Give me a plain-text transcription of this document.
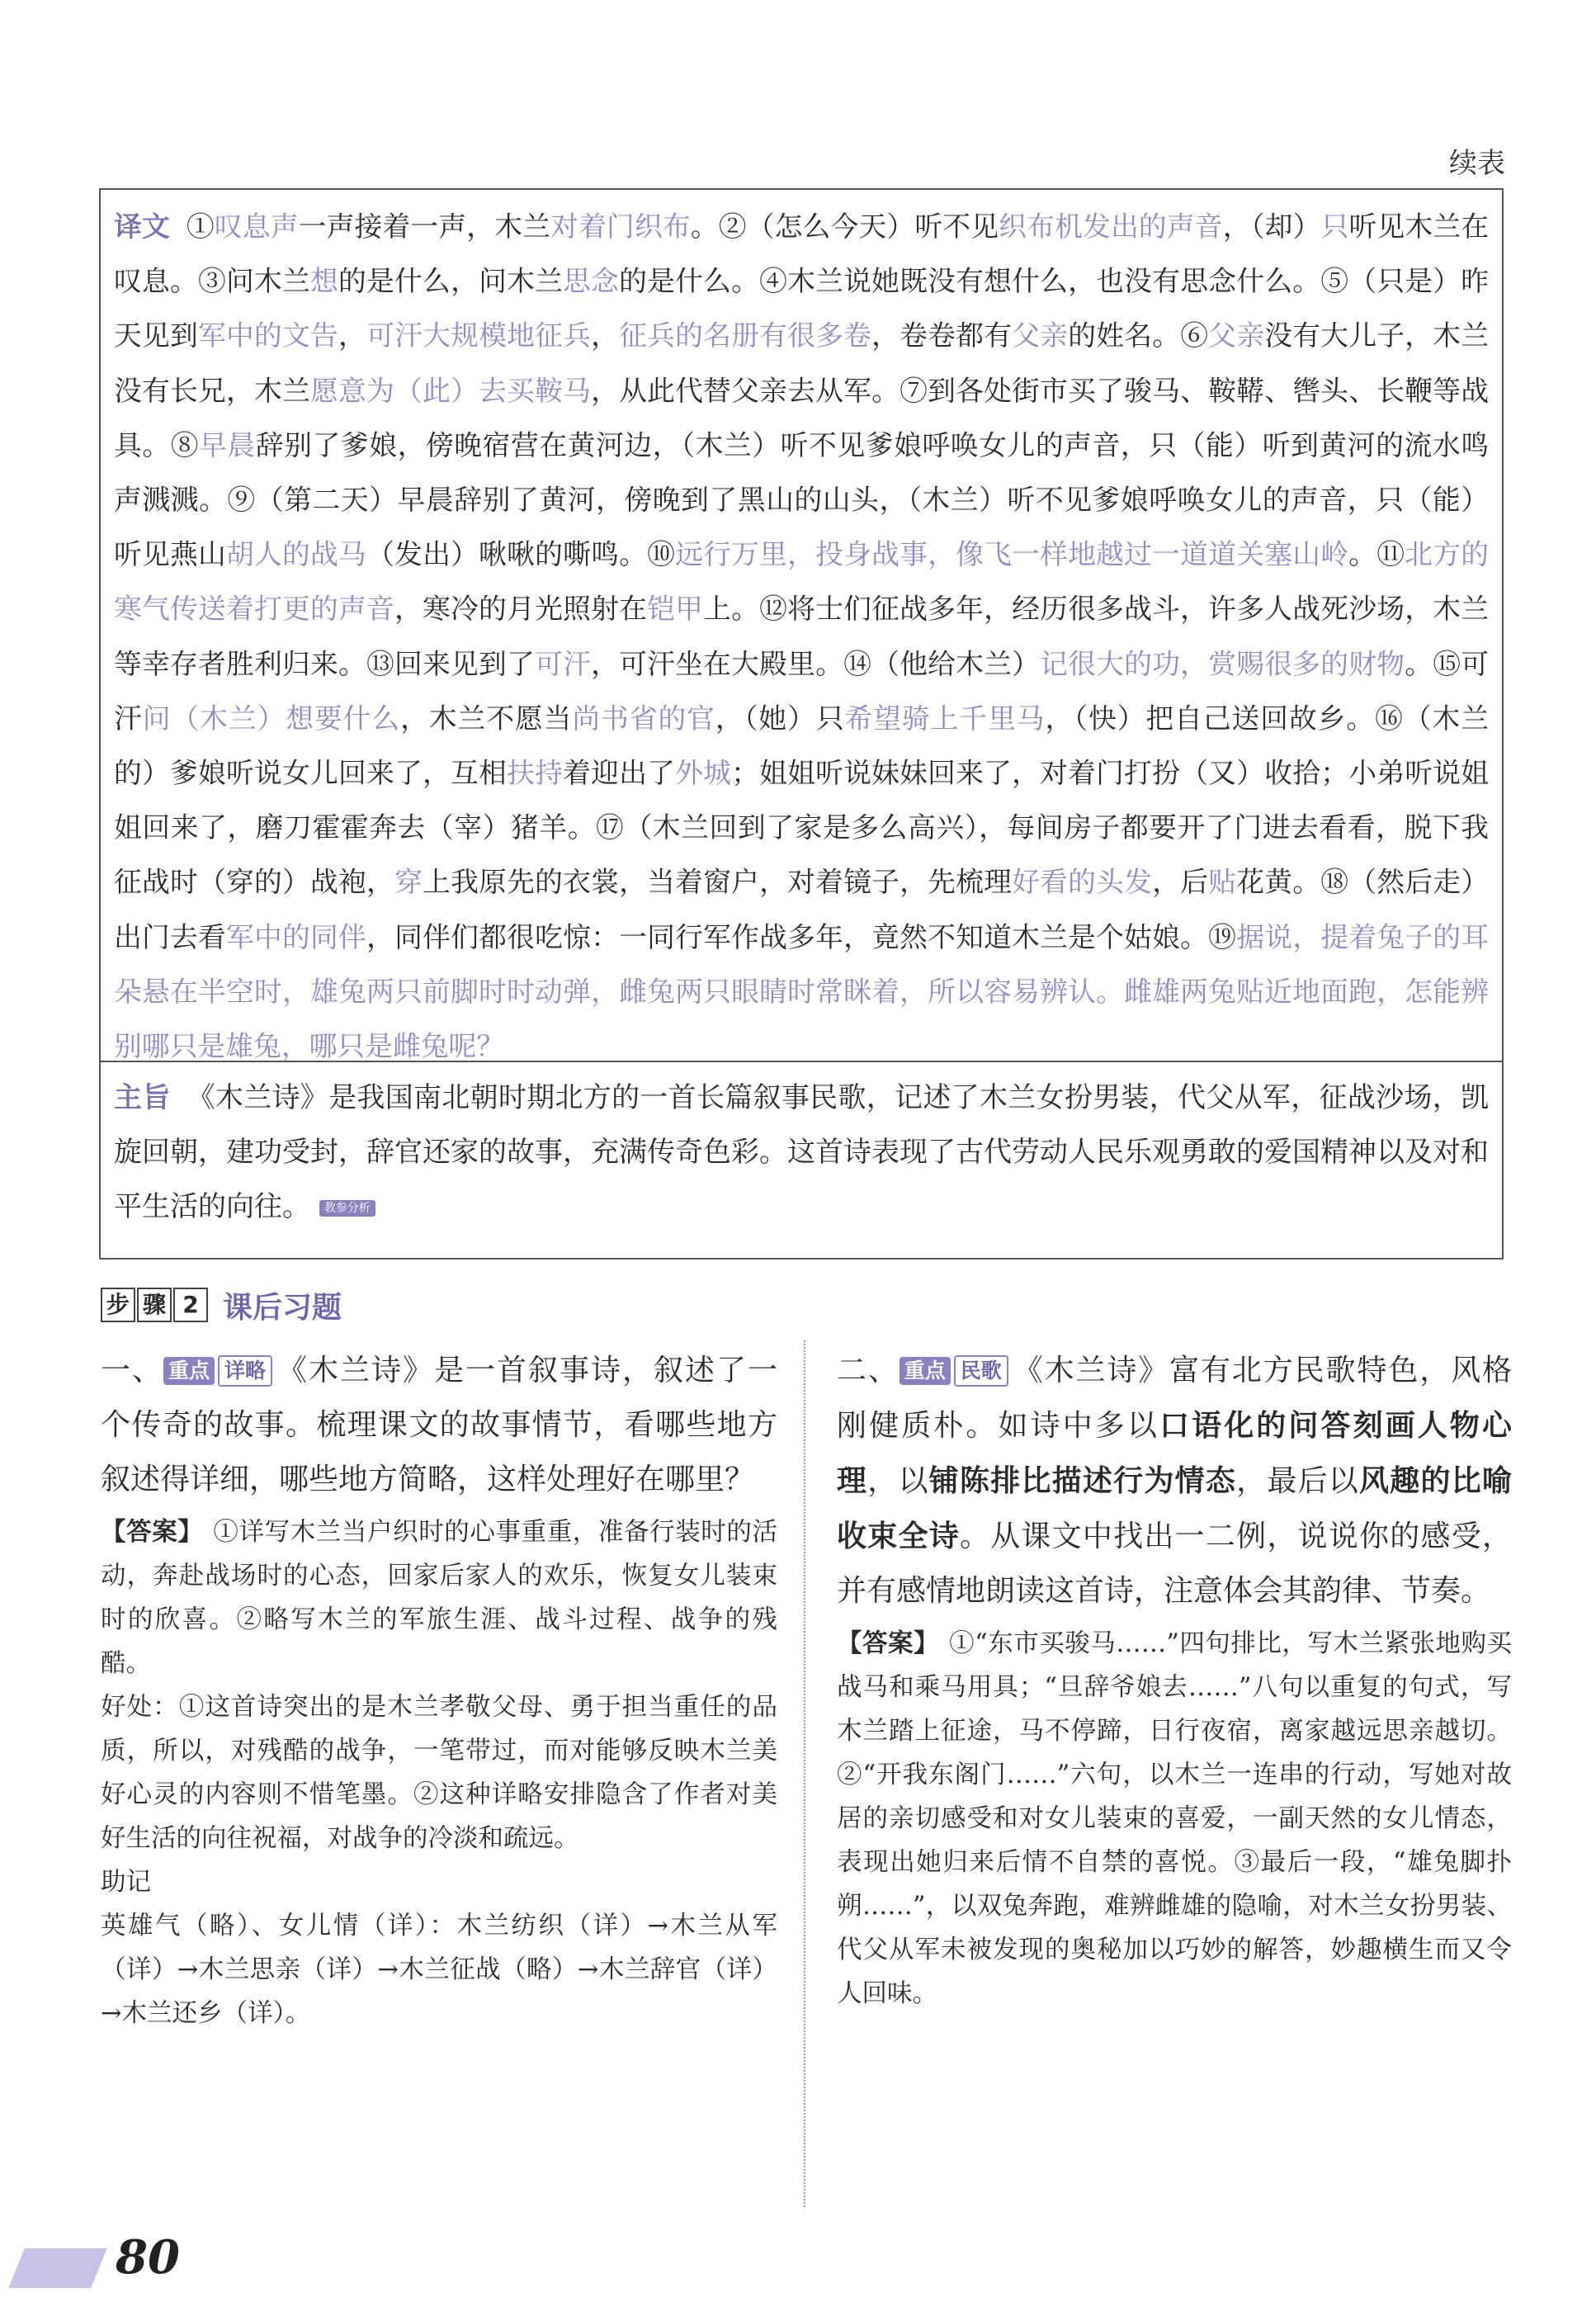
续表
译文 ①叹息声一声接着一声，木兰对着门织布。②（怎么今天）听不见织布机发出的声音，（却）只听见木兰在叹息。③问木兰想的是什么，问木兰思念的是什么。④木兰说她既没有想什么，也没有思念什么。⑤（只是）昨天见到军中的文告，可汗大规模地征兵，征兵的名册有很多卷，卷卷都有父亲的姓名。⑥父亲没有大儿子，木兰没有长兄，木兰愿意为（此）去买鞍马，从此代替父亲去从军。⑦到各处街市买了骏马、鞍鞯、辔头、长鞭等战具。⑧早晨辞别了爹娘，傍晚宿营在黄河边，（木兰）听不见爹娘呼唤女儿的声音，只（能）听到黄河的流水鸣声溅溅。⑨（第二天）早晨辞别了黄河，傍晚到了黑山的山头，（木兰）听不见爹娘呼唤女儿的声音，只（能）听见燕山胡人的战马（发出）啾啾的嘶鸣。⑩远行万里，投身战事，像飞一样地越过一道道关塞山岭。⑪北方的寒气传送着打更的声音，寒冷的月光照射在铠甲上。⑫将士们征战多年，经历很多战斗，许多人战死沙场，木兰等幸存者胜利归来。⑬回来见到了可汗，可汗坐在大殿里。⑭（他给木兰）记很大的功，赏赐很多的财物。⑮可汗问（木兰）想要什么，木兰不愿当尚书省的官，（她）只希望骑上千里马，（快）把自己送回故乡。⑯（木兰的）爹娘听说女儿回来了，互相扶持着迎出了外城；姐姐听说妹妹回来了，对着门打扮（又）收拾；小弟听说姐姐回来了，磨刀霍霍奔去（宰）猪羊。⑰（木兰回到了家是多么高兴），每间房子都要开了门进去看看，脱下我征战时（穿的）战袍，穿上我原先的衣裳，当着窗户，对着镜子，先梳理好看的头发，后贴花黄。⑱（然后走）出门去看军中的同伴，同伴们都很吃惊：一同行军作战多年，竟然不知道木兰是个姑娘。⑲据说，提着兔子的耳朵悬在半空时，雄兔两只前脚时时动弹，雌兔两只眼睛时常眯着，所以容易辨认。雌雄两兔贴近地面跑，怎能辨别哪只是雄兔，哪只是雌兔呢？
主旨 《木兰诗》是我国南北朝时期北方的一首长篇叙事民歌，记述了木兰女扮男装，代父从军，征战沙场，凯旋回朝，建功受封，辞官还家的故事，充满传奇色彩。这首诗表现了古代劳动人民乐观勇敢的爱国精神以及对和平生活的向往。 教参分析
步 骤 2 课后习题
一、 重点 详略 《木兰诗》是一首叙事诗，叙述了一个传奇的故事。梳理课文的故事情节，看哪些地方叙述得详细，哪些地方简略，这样处理好在哪里？

【答案】 ①详写木兰当户织时的心事重重，准备行装时的活动，奔赴战场时的心态，回家后家人的欢乐，恢复女儿装束时的欣喜。②略写木兰的军旅生涯、战斗过程、战争的残酷。

好处：①这首诗突出的是木兰孝敬父母、勇于担当重任的品质，所以，对残酷的战争，一笔带过，而对能够反映木兰美好心灵的内容则不惜笔墨。②这种详略安排隐含了作者对美好生活的向往祝福，对战争的冷淡和疏远。

助记

英雄气（略）、女儿情（详）：木兰纺织（详）→木兰从军（详）→木兰思亲（详）→木兰征战（略）→木兰辞官（详）→木兰还乡（详）。

二、 重点 民歌 《木兰诗》富有北方民歌特色，风格刚健质朴。如诗中多以口语化的问答刻画人物心理，以铺陈排比描述行为情态，最后以风趣的比喻收束全诗。从课文中找出一二例，说说你的感受，并有感情地朗读这首诗，注意体会其韵律、节奏。

【答案】 ①“东市买骏马……”四句排比，写木兰紧张地购买战马和乘马用具；“旦辞爷娘去……”八句以重复的句式，写木兰踏上征途，马不停蹄，日行夜宿，离家越远思亲越切。②“开我东阁门……”六句，以木兰一连串的行动，写她对故居的亲切感受和对女儿装束的喜爱，一副天然的女儿情态，表现出她归来后情不自禁的喜悦。③最后一段，“雄兔脚扑朔……”，以双兔奔跑，难辨雌雄的隐喻，对木兰女扮男装、代父从军未被发现的奥秘加以巧妙的解答，妙趣横生而又令人回味。

80
